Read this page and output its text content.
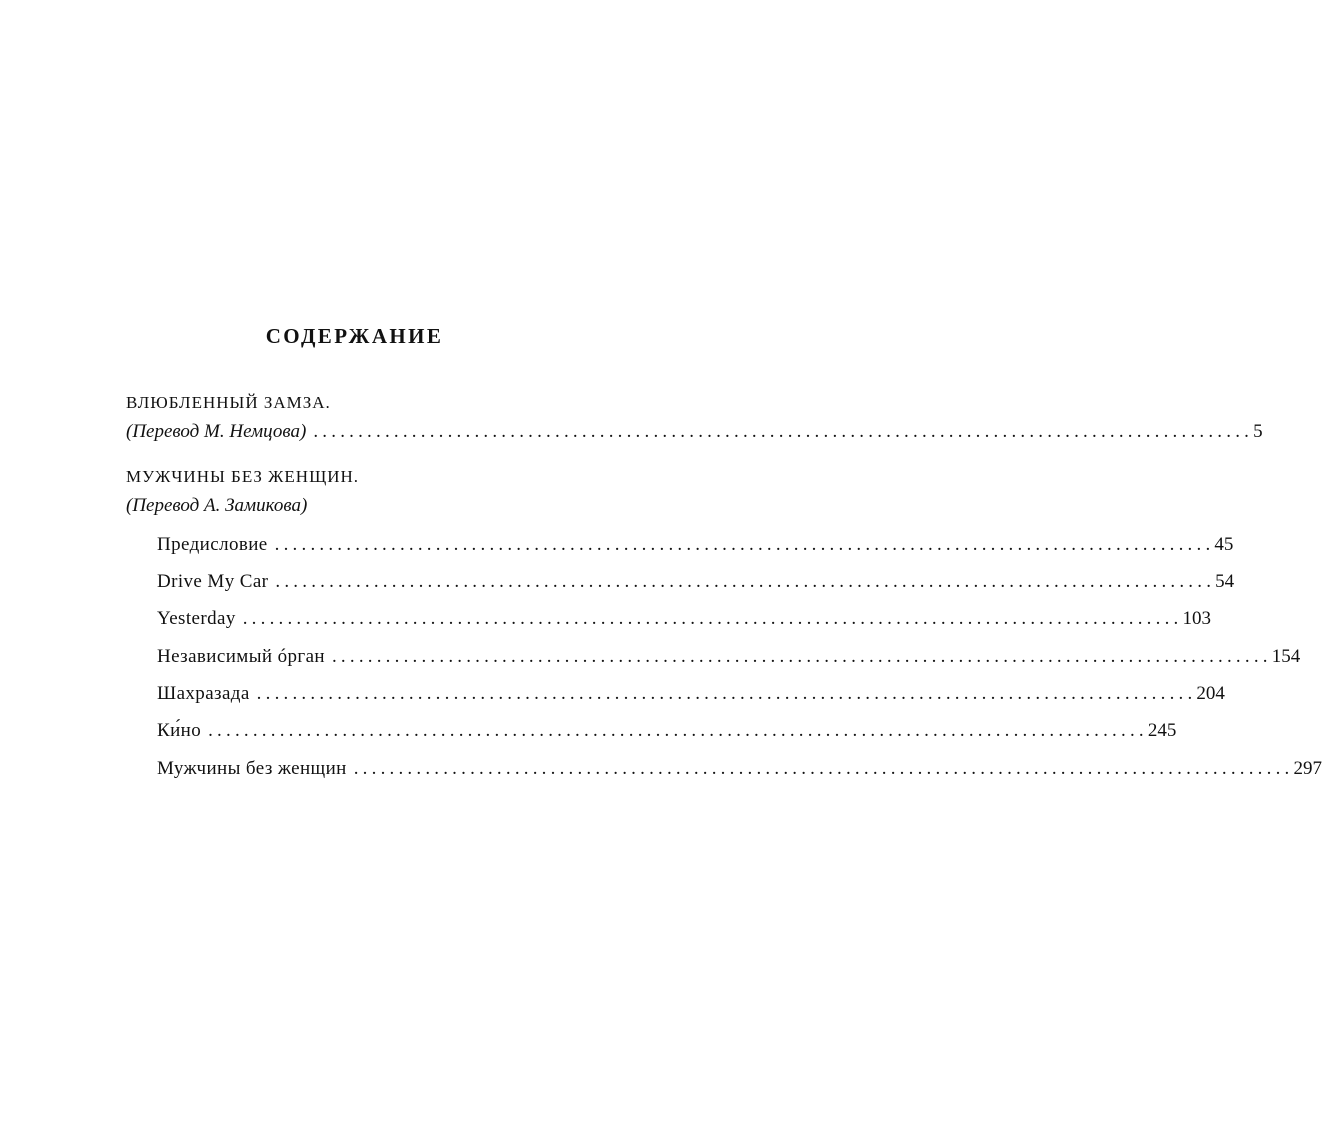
СОДЕРЖАНИЕ
ВЛЮБЛЕННЫЙ ЗАМЗА.
(Перевод М. Немцова) ......................................................................................................... 5
МУЖЧИНЫ БЕЗ ЖЕНЩИН.
(Перевод А. Замикова)
Предисловие ......................................................................................................... 45
Drive My Car ......................................................................................................... 54
Yesterday ......................................................................................................... 103
Независимый óрган ......................................................................................................... 154
Шахразада ......................................................................................................... 204
Ки́но ......................................................................................................... 245
Мужчины без женщин ......................................................................................................... 297
